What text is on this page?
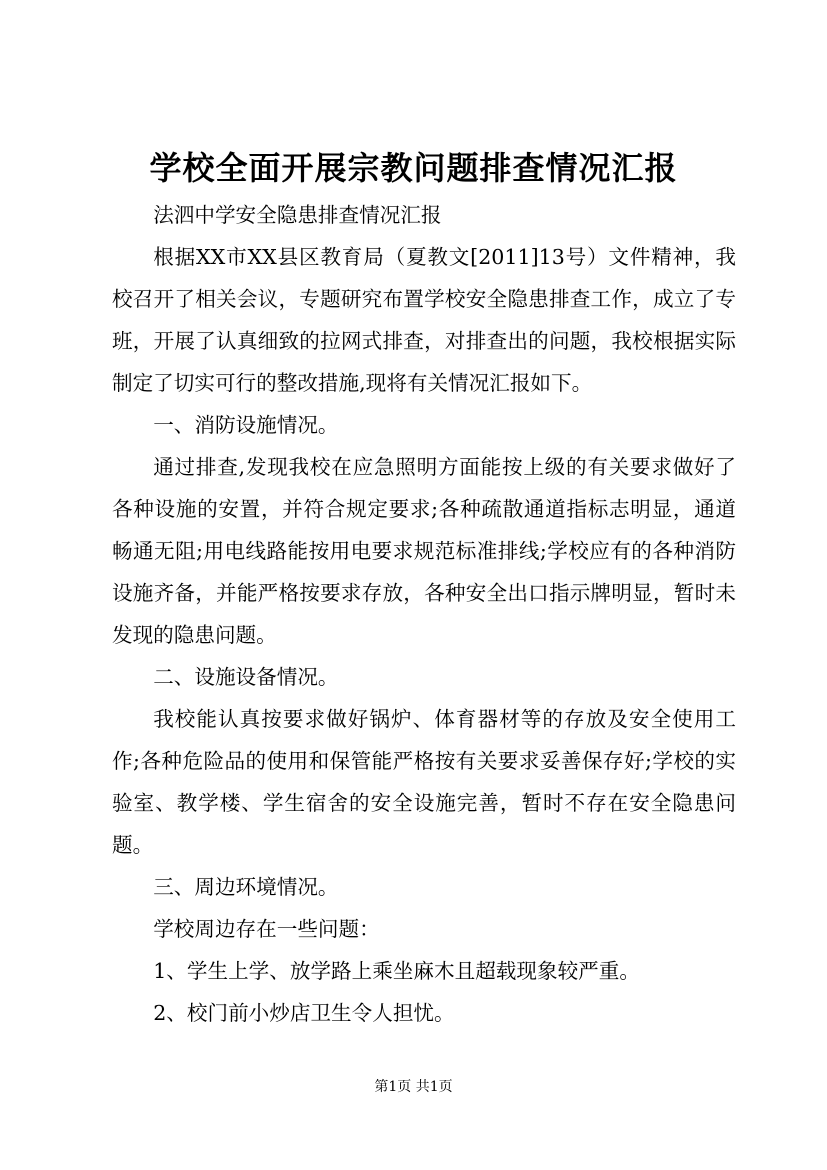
学校全面开展宗教问题排查情况汇报

法泗中学安全隐患排查情况汇报

根据XX市XX县区教育局（夏教文[2011]13号）文件精神，我校召开了相关会议，专题研究布置学校安全隐患排查工作，成立了专班，开展了认真细致的拉网式排查，对排查出的问题，我校根据实际制定了切实可行的整改措施,现将有关情况汇报如下。

一、消防设施情况。

通过排查,发现我校在应急照明方面能按上级的有关要求做好了各种设施的安置，并符合规定要求;各种疏散通道指标志明显，通道畅通无阻;用电线路能按用电要求规范标准排线;学校应有的各种消防设施齐备，并能严格按要求存放，各种安全出口指示牌明显，暂时未发现的隐患问题。

二、设施设备情况。

我校能认真按要求做好锅炉、体育器材等的存放及安全使用工作;各种危险品的使用和保管能严格按有关要求妥善保存好;学校的实验室、教学楼、学生宿舍的安全设施完善，暂时不存在安全隐患问题。

三、周边环境情况。

学校周边存在一些问题：

1、学生上学、放学路上乘坐麻木且超载现象较严重。

2、校门前小炒店卫生令人担忧。

第1页 共1页
